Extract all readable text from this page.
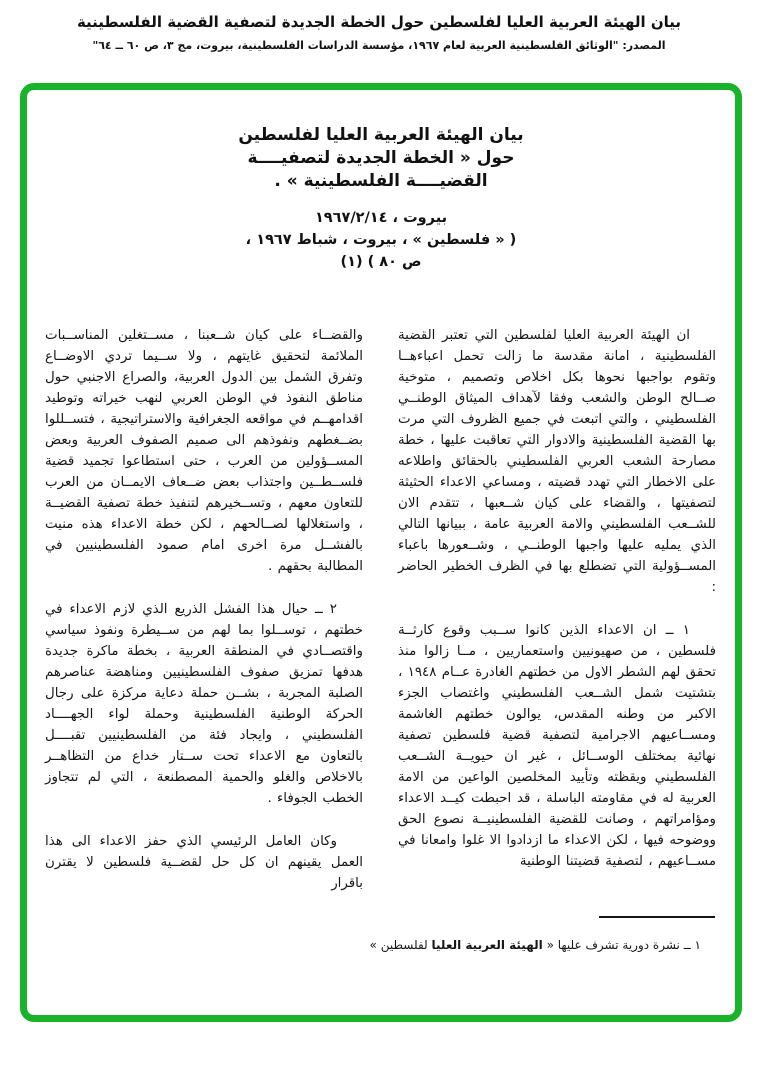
بيان الهيئة العربية العليا لفلسطين حول الخطة الجديدة لتصفية القضية الفلسطينية
المصدر: "الوثائق الفلسطينية العربية لعام ١٩٦٧، مؤسسة الدراسات الفلسطينية، بيروت، مج ٣، ص ٦٠ ــ ٦٤"
بيان الهيئة العربية العليا لفلسطين
حول « الخطة الجديدة لتصفيــــة
القضيــــة الفلسطينية » .
بيروت ، ١٩٦٧/٢/١٤
( « فلسطين » ، بيروت ، شباط ١٩٦٧ ،
ص ٨٠ ) (١)

ان الهيئة العربية العليا لفلسطين التي تعتبر القضية الفلسطينية ، امانة مقدسة ما زالت تحمل اعباءهــا وتقوم بواجبها نحوها بكل اخلاص وتصميم ، متوخية صــالح الوطن والشعب وفقا لآهداف الميثاق الوطنــي الفلسطيني ، والتي اتبعت في جميع الظروف التي مرت بها القضية الفلسطينية والادوار التي تعاقبت عليها ، خطة مصارحة الشعب العربي الفلسطيني بالحقائق واطلاعه على الاخطار التي تهدد قضيته ، ومساعي الاعداء الحثيثة لتصفيتها ، والقضاء على كيان شــعبها ، تتقدم الان للشــعب الفلسطيني والامة العربية عامة ، ببيانها التالي الذي يمليه عليها واجبها الوطنــي ، وشــعورها باعباء المســؤولية التي تضطلع بها في الظرف الخطير الحاضر :

١ ــ ان الاعداء الذين كانوا ســبب وقوع كارثــة فلسطين ، من صهيونيين واستعماريين ، مــا زالوا منذ تحقق لهم الشطر الاول من خطتهم الغادرة عــام ١٩٤٨ ، بتشتيت شمل الشــعب الفلسطيني واغتصاب الجزء الاكبر من وطنه المقدس، يوالون خطتهم الغاشمة ومســاعيهم الاجرامية لتصفية قضية فلسطين تصفية نهائية بمختلف الوســائل ، غير ان حيويــة الشــعب الفلسطيني ويقظته وتأييد المخلصين الواعين من الامة العربية له في مقاومته الباسلة ، قد احبطت كيــد الاعداء ومؤامراتهم ، وصانت للقضية الفلسطينيــة نصوع الحق ووضوحه فيها ، لكن الاعداء ما ازدادوا الا غلوا وامعانا في مســاعيهم ، لتصفية قضيتنا الوطنية

والقضــاء على كيان شــعبنا ، مســتغلين المناســبات الملائمة لتحقيق غايتهم ، ولا ســيما تردي الاوضــاع وتفرق الشمل بين الدول العربية، والصراع الاجنبي حول مناطق النفوذ في الوطن العربي لنهب خيراته وتوطيد اقدامهــم في مواقعه الجغرافية والاستراتيجية ، فتســللوا بضــغطهم ونفوذهم الى صميم الصفوف العربية وبعض المســؤولين من العرب ، حتى استطاعوا تجميد قضية فلســطــين واجتذاب بعض ضــعاف الايمــان من العرب للتعاون معهم ، وتســخيرهم لتنفيذ خطة تصفية القضيــة ، واستغلالها لصــالحهم ، لكن خطة الاعداء هذه منيت بالفشــل مرة اخرى امام صمود الفلسطينيين في المطالبة بحقهم .

٢ ــ حيال هذا الفشل الذريع الذي لازم الاعداء في خطتهم ، توســلوا بما لهم من ســيطرة ونفوذ سياسي واقتصــادي في المنطقة العربية ، بخطة ماكرة جديدة هدفها تمزيق صفوف الفلسطينيين ومناهضة عناصرهم الصلبة المجربة ، بشــن حملة دعاية مركزة على رجال الحركة الوطنية الفلسطينية وحملة لواء الجهــــاد الفلسطيني ، وايجاد فئة من الفلسطينيين تقبــــل بالتعاون مع الاعداء تحت ســتار خداع من التظاهــر بالاخلاص والغلو والحمية المصطنعة ، التي لم تتجاوز الخطب الجوفاء .

وكان العامل الرئيسي الذي حفز الاعداء الى هذا العمل يقينهم ان كل حل لقضــية فلسطين لا يقترن باقرار

١ ــ نشرة دورية تشرف عليها « الهيئة العربية العليا لفلسطين »
